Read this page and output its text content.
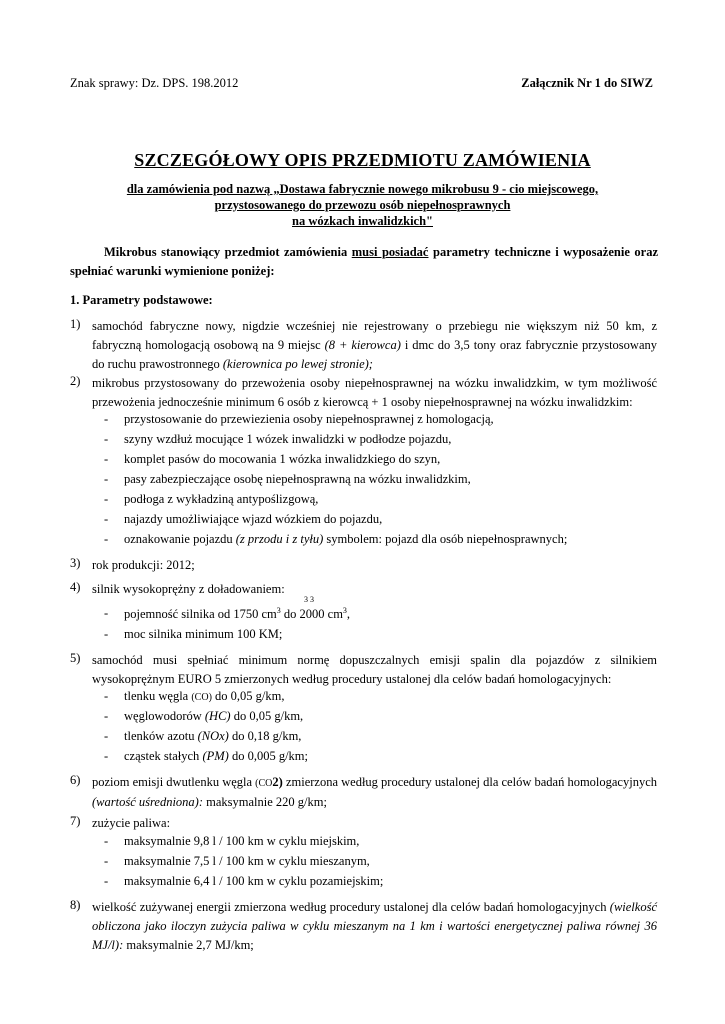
Znak sprawy: Dz. DPS. 198.2012	Załącznik Nr 1 do SIWZ
SZCZEGÓŁOWY OPIS PRZEDMIOTU ZAMÓWIENIA
dla zamówienia pod nazwą „Dostawa fabrycznie nowego mikrobusu 9 - cio miejscowego,
przystosowanego do przewozu osób niepełnosprawnych
na wózkach inwalidzkich"
Mikrobus stanowiący przedmiot zamówienia musi posiadać parametry techniczne i wyposażenie oraz spełniać warunki wymienione poniżej:
1. Parametry podstawowe:
1) samochód fabryczne nowy, nigdzie wcześniej nie rejestrowany o przebiegu nie większym niż 50 km, z fabryczną homologacją osobową na 9 miejsc (8 + kierowca) i dmc do 3,5 tony oraz fabrycznie przystosowany do ruchu prawostronnego (kierownica po lewej stronie);
2) mikrobus przystosowany do przewożenia osoby niepełnosprawnej na wózku inwalidzkim, w tym możliwość przewożenia jednocześnie minimum 6 osób z kierowcą + 1 osoby niepełnosprawnej na wózku inwalidzkim:
- przystosowanie do przewiezienia osoby niepełnosprawnej z homologacją,
- szyny wzdłuż mocujące 1 wózek inwalidzki w podłodze pojazdu,
- komplet pasów do mocowania 1 wózka inwalidzkiego do szyn,
- pasy zabezpieczające osobę niepełnosprawną na wózku inwalidzkim,
- podłoga z wykładziną antypoślizgową,
- najazdy umożliwiające wjazd wózkiem do pojazdu,
- oznakowanie pojazdu (z przodu i z tyłu) symbolem: pojazd dla osób niepełnosprawnych;
3) rok produkcji: 2012;
4) silnik wysokoprężny z doładowaniem:
3 3
- pojemność silnika od 1750 $cm^3$ do 2000 $cm^3$,
- moc silnika minimum 100 KM;
5) samochód musi spełniać minimum normę dopuszczalnych emisji spalin dla pojazdów z silnikiem wysokoprężnym EURO 5 zmierzonych według procedury ustalonej dla celów badań homologacyjnych:
- tlenku węgla (CO) do 0,05 g/km,
- węglowodorów (HC) do 0,05 g/km,
- tlenków azotu (NOx) do 0,18 g/km,
- cząstek stałych (PM) do 0,005 g/km;
6) poziom emisji dwutlenku węgla (CO2) zmierzona według procedury ustalonej dla celów badań homologacyjnych (wartość uśredniona): maksymalnie 220 g/km;
7) zużycie paliwa:
- maksymalnie 9,8 l / 100 km w cyklu miejskim,
- maksymalnie 7,5 l / 100 km w cyklu mieszanym,
- maksymalnie 6,4 l / 100 km w cyklu pozamiejskim;
8) wielkość zużywanej energii zmierzona według procedury ustalonej dla celów badań homologacyjnych (wielkość obliczona jako iloczyn zużycia paliwa w cyklu mieszanym na 1 km i wartości energetycznej paliwa równej 36 MJ/l): maksymalnie 2,7 MJ/km;
